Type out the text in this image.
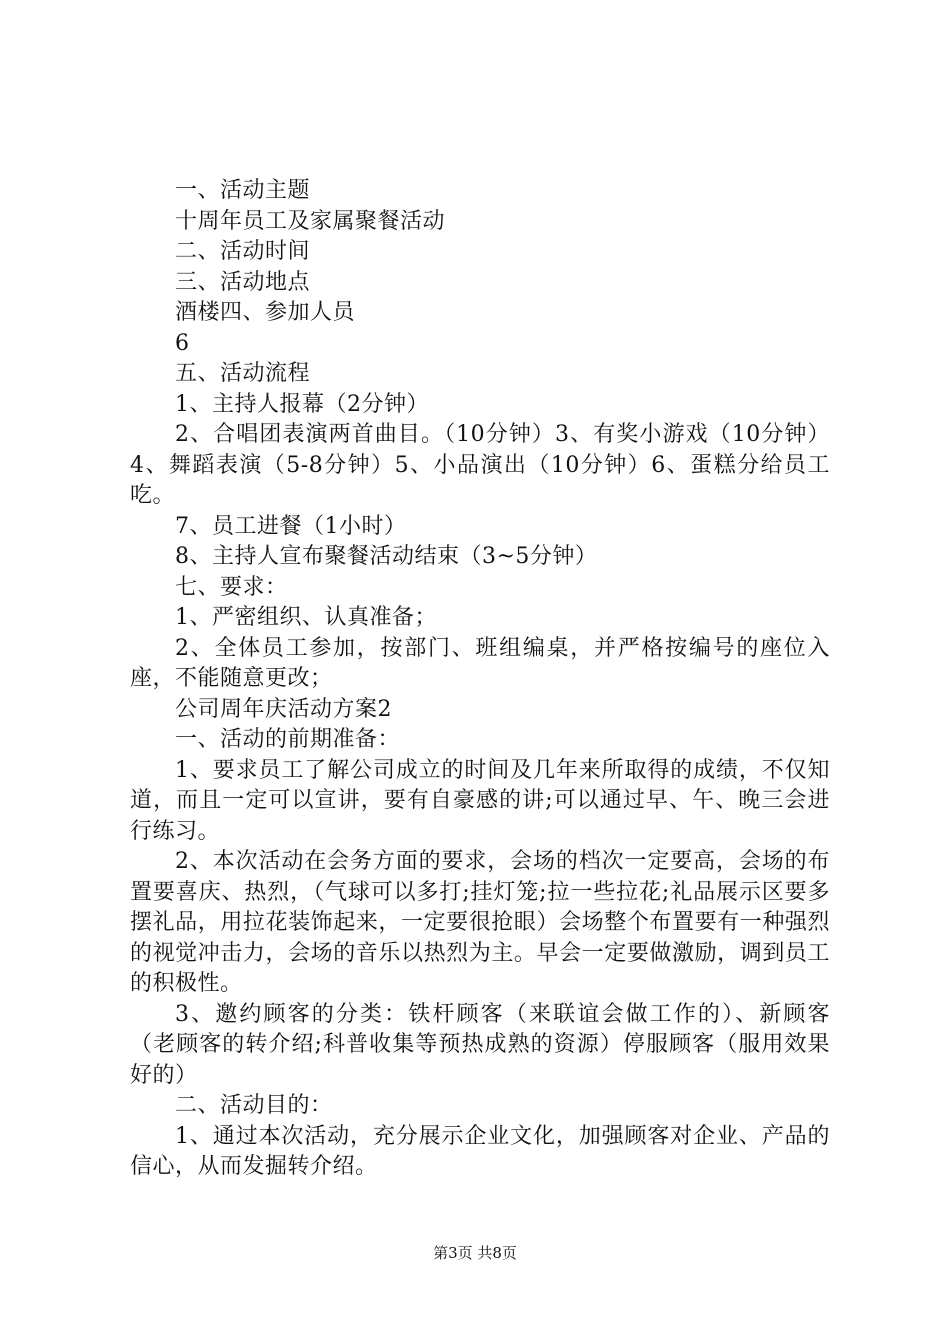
一、活动主题

十周年员工及家属聚餐活动

二、活动时间

三、活动地点

酒楼四、参加人员

6

五、活动流程

1、主持人报幕（2分钟）

2、合唱团表演两首曲目。（10分钟）3、有奖小游戏（10分钟）4、舞蹈表演（5-8分钟）5、小品演出（10分钟）6、蛋糕分给员工吃。

7、员工进餐（1小时）

8、主持人宣布聚餐活动结束（3~5分钟）

七、要求：

1、严密组织、认真准备；

2、全体员工参加，按部门、班组编桌，并严格按编号的座位入座，不能随意更改；

公司周年庆活动方案2

一、活动的前期准备：

1、要求员工了解公司成立的时间及几年来所取得的成绩，不仅知道，而且一定可以宣讲，要有自豪感的讲;可以通过早、午、晚三会进行练习。

2、本次活动在会务方面的要求，会场的档次一定要高，会场的布置要喜庆、热烈，（气球可以多打;挂灯笼;拉一些拉花;礼品展示区要多摆礼品，用拉花装饰起来，一定要很抢眼）会场整个布置要有一种强烈的视觉冲击力，会场的音乐以热烈为主。早会一定要做激励，调到员工的积极性。

3、邀约顾客的分类：铁杆顾客（来联谊会做工作的）、新顾客（老顾客的转介绍;科普收集等预热成熟的资源）停服顾客（服用效果好的）

二、活动目的：

1、通过本次活动，充分展示企业文化，加强顾客对企业、产品的信心，从而发掘转介绍。

第3页 共8页
